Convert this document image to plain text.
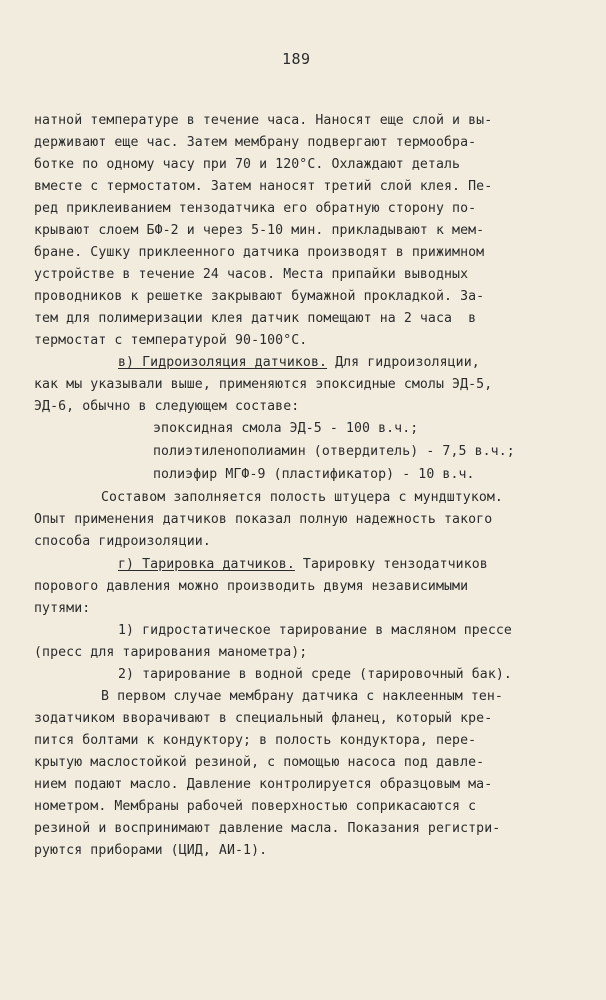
189
натной температуре в течение часа. Наносят еще слой и вы-
держивают еще час. Затем мембрану подвергают термообра-
ботке по одному часу при 70 и 120°С. Охлаждают деталь
вместе с термостатом. Затем наносят третий слой клея. Пе-
ред приклеиванием тензодатчика его обратную сторону по-
крывают слоем БФ-2 и через 5-10 мин. прикладывают к мем-
бране. Сушку приклеенного датчика производят в прижимном
устройстве в течение 24 часов. Места припайки выводных
проводников к решетке закрывают бумажной прокладкой. За-
тем для полимеризации клея датчик помещают на 2 часа  в
термостат с температурой 90-100°С.
в) Гидроизоляция датчиков. Для гидроизоляции,
как мы указывали выше, применяются эпоксидные смолы ЭД-5,
ЭД-6, обычно в следующем составе:
эпоксидная смола ЭД-5 - 100 в.ч.;
полиэтиленополиамин (отвердитель) - 7,5 в.ч.;
полиэфир МГФ-9 (пластификатор) - 10 в.ч.
Составом заполняется полость штуцера с мундштуком.
Опыт применения датчиков показал полную надежность такого
способа гидроизоляции.
г) Тарировка датчиков. Тарировку тензодатчиков
порового давления можно производить двумя независимыми
путями:
1) гидростатическое тарирование в масляном прессе
(пресс для тарирования манометра);
2) тарирование в водной среде (тарировочный бак).
В первом случае мембрану датчика с наклеенным тен-
зодатчиком вворачивают в специальный фланец, который кре-
пится болтами к кондуктору; в полость кондуктора, пере-
крытую маслостойкой резиной, с помощью насоса под давле-
нием подают масло. Давление контролируется образцовым ма-
нометром. Мембраны рабочей поверхностью соприкасаются с
резиной и воспринимают давление масла. Показания регистри-
руются приборами (ЦИД, АИ-1).
